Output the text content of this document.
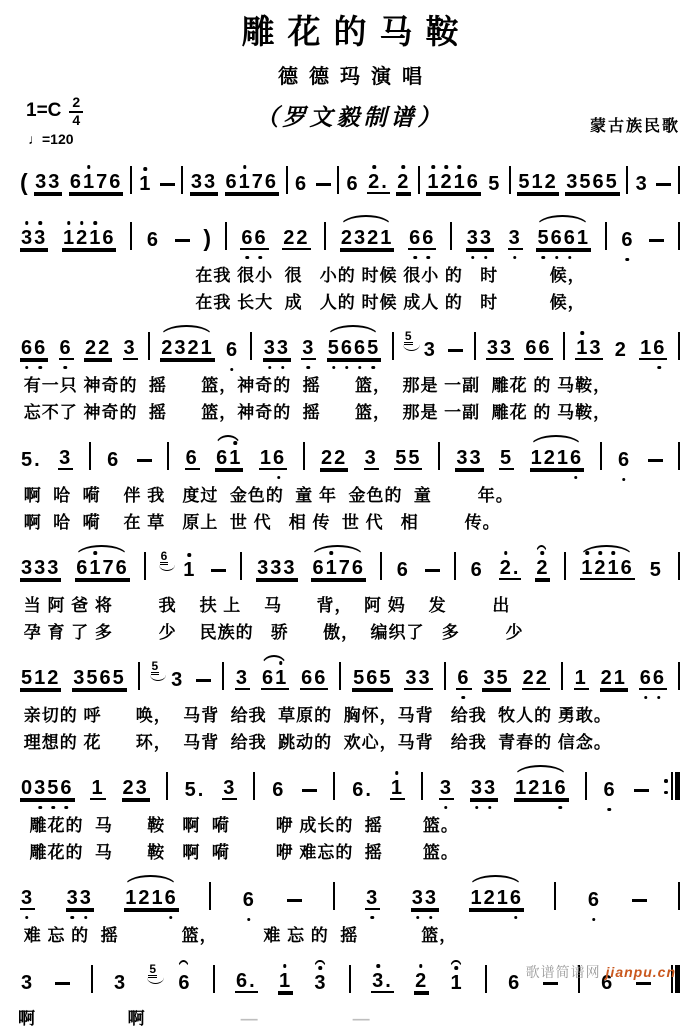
雕花的马鞍
德德玛演唱
$1=C \frac{2}{4}$
♩=120
（罗文毅制谱）	蒙古族民歌
( 33 6176 1 33 6176 6 6 2. 2 1216 5 512 3565 3
33 1216 6 ) 66 22 2321 66 33 3 5661 6
在我 很小  很   小的 时候 很小 的   时         候，
在我 长大  成   人的 时候 成人 的   时         候，
66 6 22 3 2321 6 33 3 5665
5
3 33 66 13 2 16
有一只 神奇的  摇      篮，神奇的  摇      篮，  那是 一副  雕花 的 马鞍，
忘不了 神奇的  摇      篮，神奇的  摇      篮，  那是 一副  雕花 的 马鞍，
5. 3 6	6 61 16 22 3 55 33 5 1216 6
啊  哈  嗬    伴 我   度过  金色的  童 年  金色的  童        年。
啊  哈  嗬    在 草   原上  世 代   相 传  世 代   相        传。
333 6176
6
1	333 6176 6	6 2. 2 1216 5
当 阿 爸 将        我    扶 上    马      背，  阿 妈    发        出
孕 育 了 多        少    民族的   骄      傲，  编织了   多        少
512 3565
5
3	3 61 66 565 33 6 35 22 1 21 66
亲切的 呼      唤，  马背  给我  草原的  胸怀，马背   给我  牧人的 勇敢。
理想的 花      环，  马背  给我  跳动的  欢心，马背   给我  青春的 信念。
0356 1 23 5. 3 6	6. 1 3 33 1216 6
雕花的  马      鞍   啊  嗬        咿 成长的  摇       篮。
雕花的  马      鞍   啊  嗬        咿 难忘的  摇       篮。
3 33 1216	6	3 33 1216	6
难 忘 的  摇           篮，        难 忘 的  摇           篮，
3	3
5
6 6. 1 3 3. 2 1 6	6
啊                啊	—	—
歌谱简谱网 jianpu.cn
